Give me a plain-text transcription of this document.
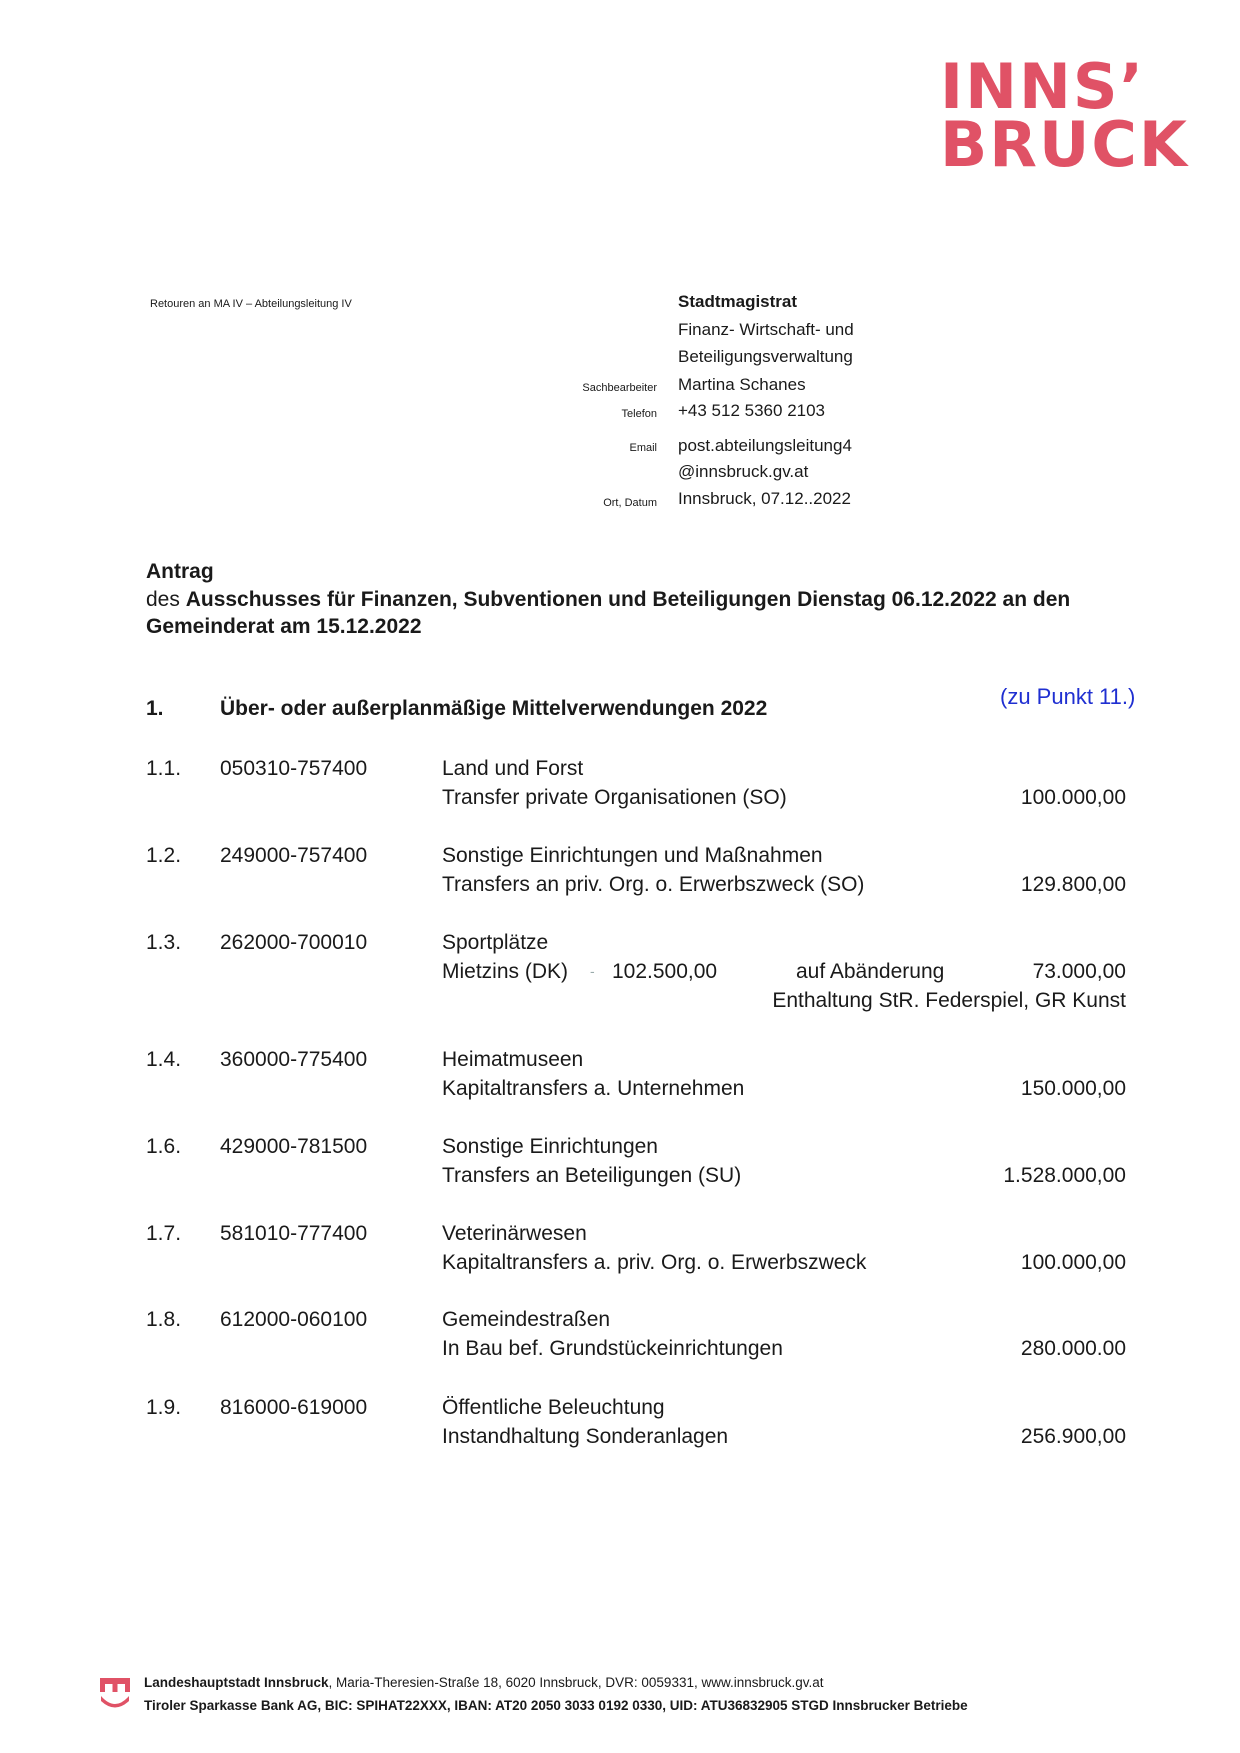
INNS’
BRUCK
Retouren an MA IV – Abteilungsleitung IV	Stadtmagistrat
Finanz- Wirtschaft- und
Beteiligungsverwaltung
Sachbearbeiter Martina Schanes
Telefon +43 512 5360 2103
Email post.abteilungsleitung4
@innsbruck.gv.at
Ort, Datum Innsbruck, 07.12..2022
Antrag
des Ausschusses für Finanzen, Subventionen und Beteiligungen Dienstag 06.12.2022 an den Gemeinderat am 15.12.2022
1.	Über- oder außerplanmäßige Mittelverwendungen 2022	(zu Punkt 11.)
1.1. 050310-757400	Land und Forst
Transfer private Organisationen (SO)	100.000,00
1.2. 249000-757400	Sonstige Einrichtungen und Maßnahmen
Transfers an priv. Org. o. Erwerbszweck (SO)	129.800,00
1.3. 262000-700010	Sportplätze
Mietzins (DK) - 102.500,00	auf Abänderung	73.000,00
Enthaltung StR. Federspiel, GR Kunst
1.4. 360000-775400	Heimatmuseen
Kapitaltransfers a. Unternehmen	150.000,00
1.6. 429000-781500	Sonstige Einrichtungen
Transfers an Beteiligungen (SU)	1.528.000,00
1.7. 581010-777400	Veterinärwesen
Kapitaltransfers a. priv. Org. o. Erwerbszweck	100.000,00
1.8. 612000-060100	Gemeindestraßen
In Bau bef. Grundstückeinrichtungen	280.000.00
1.9. 816000-619000	Öffentliche Beleuchtung
Instandhaltung Sonderanlagen	256.900,00
Landeshauptstadt Innsbruck, Maria-Theresien-Straße 18, 6020 Innsbruck, DVR: 0059331, www.innsbruck.gv.at
Tiroler Sparkasse Bank AG, BIC: SPIHAT22XXX, IBAN: AT20 2050 3033 0192 0330, UID: ATU36832905 STGD Innsbrucker Betriebe
